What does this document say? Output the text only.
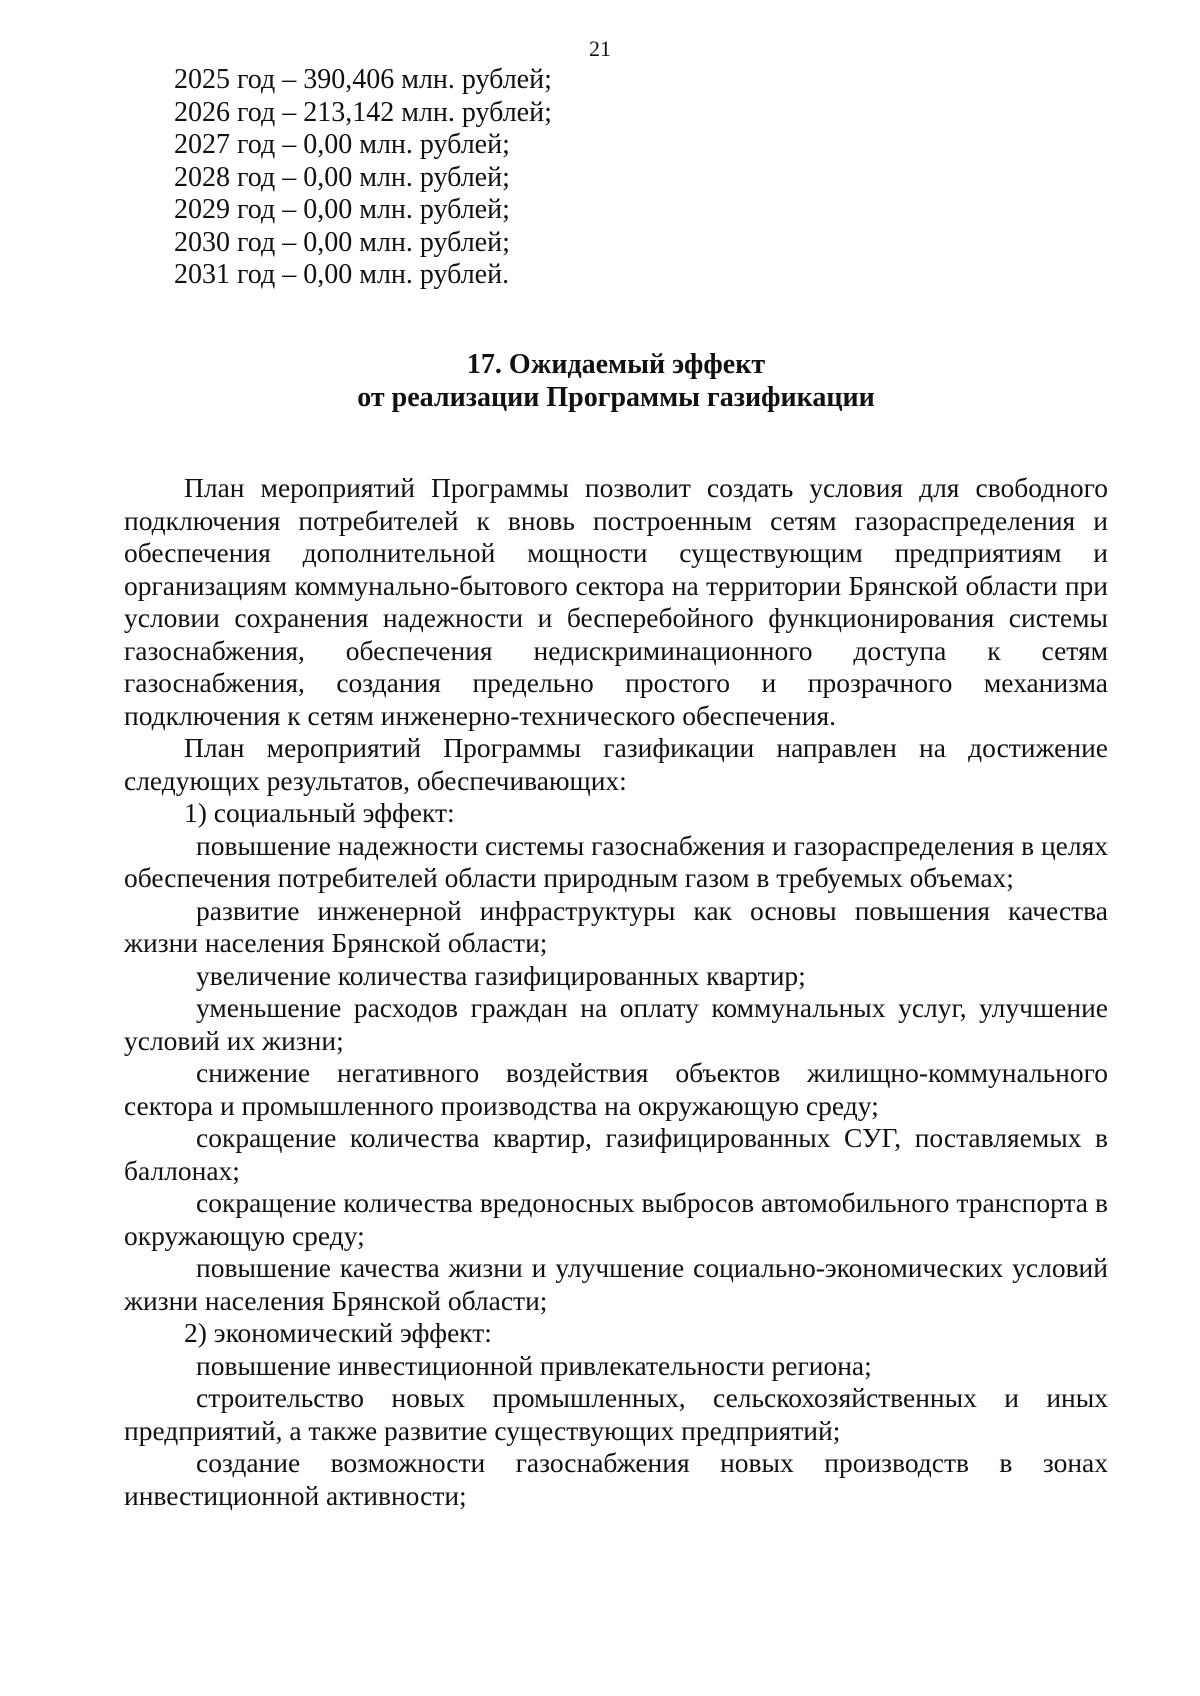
21
2025 год – 390,406 млн. рублей;
2026 год – 213,142 млн. рублей;
2027 год – 0,00 млн. рублей;
2028 год – 0,00 млн. рублей;
2029 год – 0,00 млн. рублей;
2030 год – 0,00 млн. рублей;
2031 год – 0,00 млн. рублей.
17. Ожидаемый эффект
от реализации Программы газификации

План мероприятий Программы позволит создать условия для свободного подключения потребителей к вновь построенным сетям газораспределения и обеспечения дополнительной мощности существующим предприятиям и организациям коммунально-бытового сектора на территории Брянской области при условии сохранения надежности и бесперебойного функционирования системы газоснабжения, обеспечения недискриминационного доступа к сетям газоснабжения, создания предельно простого и прозрачного механизма подключения к сетям инженерно-технического обеспечения.

План мероприятий Программы газификации направлен на достижение следующих результатов, обеспечивающих:

1) социальный эффект:

повышение надежности системы газоснабжения и газораспределения в целях обеспечения потребителей области природным газом в требуемых объемах;

развитие инженерной инфраструктуры как основы повышения качества жизни населения Брянской области;

увеличение количества газифицированных квартир;

уменьшение расходов граждан на оплату коммунальных услуг, улучшение условий их жизни;

снижение негативного воздействия объектов жилищно-коммунального сектора и промышленного производства на окружающую среду;

сокращение количества квартир, газифицированных СУГ, поставляемых в баллонах;

сокращение количества вредоносных выбросов автомобильного транспорта в окружающую среду;

повышение качества жизни и улучшение социально-экономических условий жизни населения Брянской области;

2) экономический эффект:

повышение инвестиционной привлекательности региона;

строительство новых промышленных, сельскохозяйственных и иных предприятий, а также развитие существующих предприятий;

создание возможности газоснабжения новых производств в зонах инвестиционной активности;
